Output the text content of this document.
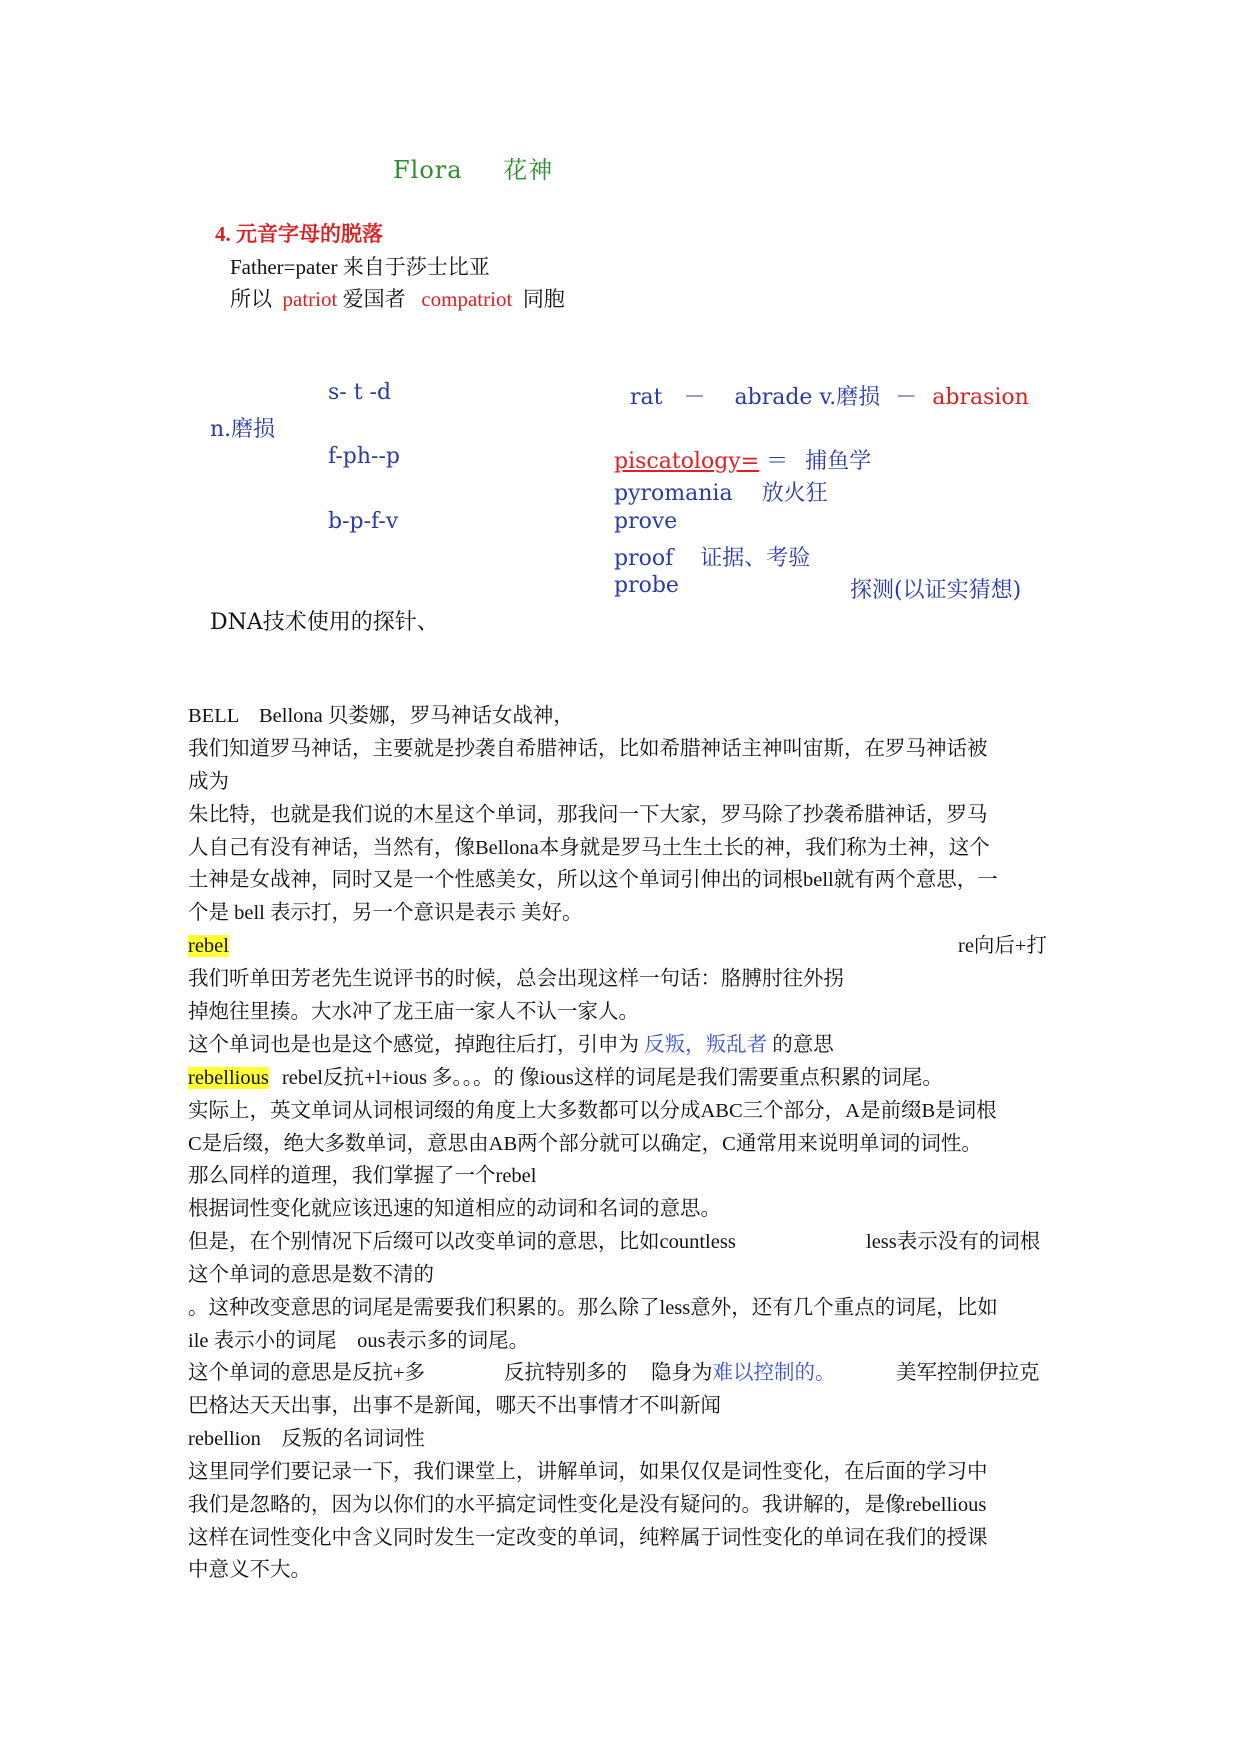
Flora 花神
4. 元音字母的脱落
Father=pater 来自于莎士比亚
所以 patriot 爱国者 compatriot 同胞
s- t -d	rat － abrade v.磨损 － abrasion
n.磨损
f-ph--p	piscatology= ＝ 捕鱼学
pyromania 放火狂
b-p-f-v	prove
proof 证据、考验
probe	探测(以证实猜想)
DNA技术使用的探针、
BELL　Bellona 贝娄娜，罗马神话女战神，
我们知道罗马神话，主要就是抄袭自希腊神话，比如希腊神话主神叫宙斯，在罗马神话被
成为
朱比特，也就是我们说的木星这个单词，那我问一下大家，罗马除了抄袭希腊神话，罗马
人自己有没有神话，当然有，像Bellona本身就是罗马土生土长的神，我们称为土神，这个
土神是女战神，同时又是一个性感美女，所以这个单词引伸出的词根bell就有两个意思，一
个是 bell 表示打，另一个意识是表示 美好。
rebel	re向后+打
我们听单田芳老先生说评书的时候，总会出现这样一句话：胳膊肘往外拐
掉炮往里揍。大水冲了龙王庙一家人不认一家人。
这个单词也是也是这个感觉，掉跑往后打，引申为 反叛，叛乱者 的意思
rebellious rebel反抗+l+ious 多。。。的 像ious这样的词尾是我们需要重点积累的词尾。
实际上，英文单词从词根词缀的角度上大多数都可以分成ABC三个部分，A是前缀B是词根
C是后缀，绝大多数单词，意思由AB两个部分就可以确定，C通常用来说明单词的词性。
那么同样的道理，我们掌握了一个rebel
根据词性变化就应该迅速的知道相应的动词和名词的意思。
但是，在个别情况下后缀可以改变单词的意思，比如countless	less表示没有的词根
这个单词的意思是数不清的
。这种改变意思的词尾是需要我们积累的。那么除了less意外，还有几个重点的词尾，比如
ile 表示小的词尾　ous表示多的词尾。
这个单词的意思是反抗+多	反抗特别多的 隐身为难以控制的。	美军控制伊拉克
巴格达天天出事，出事不是新闻，哪天不出事情才不叫新闻
rebellion　反叛的名词词性
这里同学们要记录一下，我们课堂上，讲解单词，如果仅仅是词性变化，在后面的学习中
我们是忽略的，因为以你们的水平搞定词性变化是没有疑问的。我讲解的，是像rebellious
这样在词性变化中含义同时发生一定改变的单词，纯粹属于词性变化的单词在我们的授课
中意义不大。
